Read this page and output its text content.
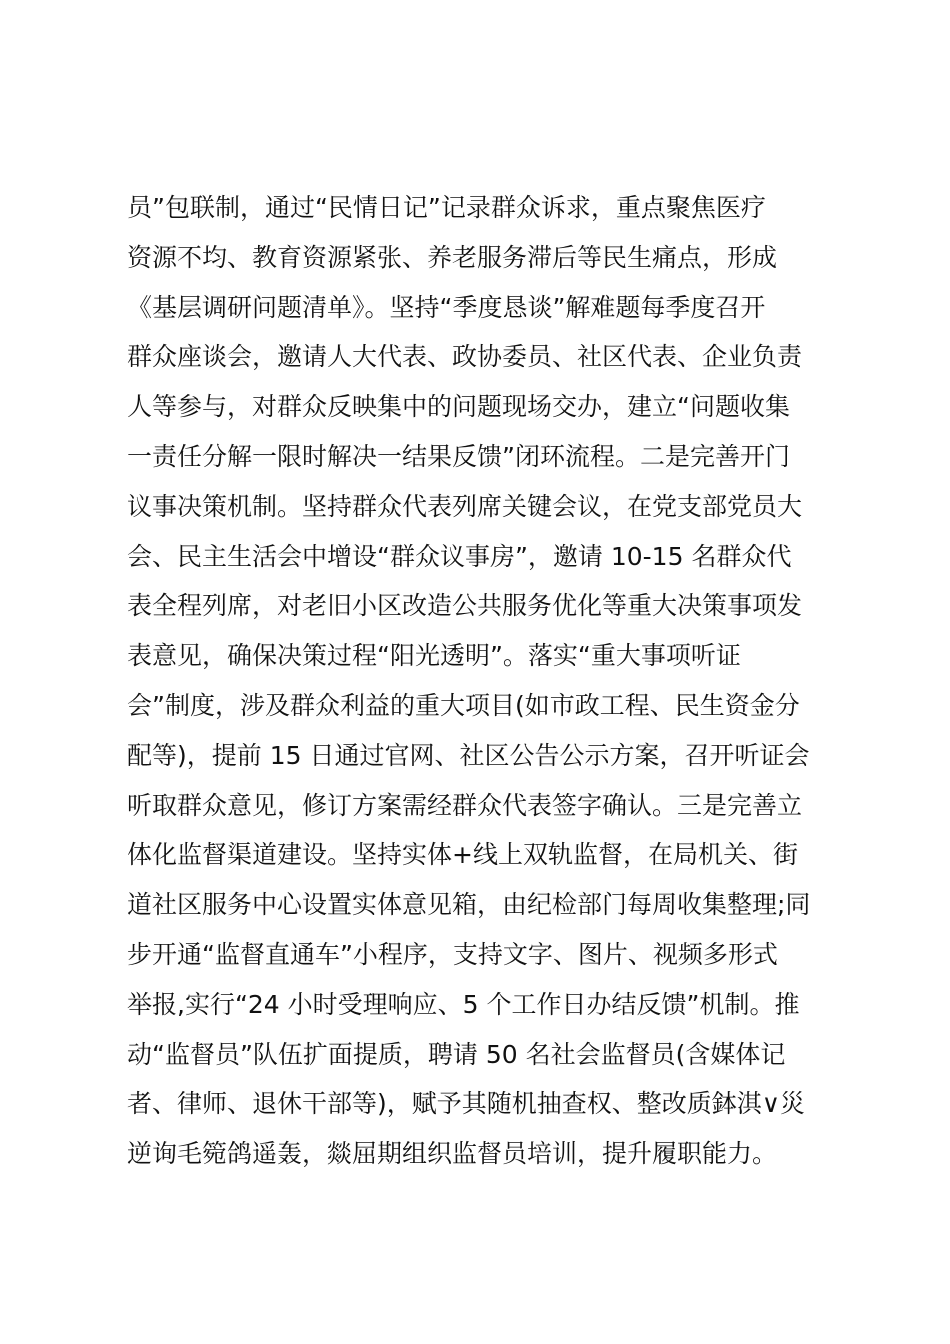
员”包联制，通过“民情日记”记录群众诉求，重点聚焦医疗
资源不均、教育资源紧张、养老服务滞后等民生痛点，形成
《基层调研问题清单》。坚持“季度恳谈”解难题每季度召开
群众座谈会，邀请人大代表、政协委员、社区代表、企业负责
人等参与，对群众反映集中的问题现场交办，建立“问题收集
一责任分解一限时解决一结果反馈”闭环流程。二是完善开门
议事决策机制。坚持群众代表列席关键会议，在党支部党员大
会、民主生活会中增设“群众议事房”，邀请 10-15 名群众代
表全程列席，对老旧小区改造公共服务优化等重大决策事项发
表意见，确保决策过程“阳光透明”。落实“重大事项听证
会”制度，涉及群众利益的重大项目(如市政工程、民生资金分
配等)，提前 15 日通过官网、社区公告公示方案，召开听证会
听取群众意见，修订方案需经群众代表签字确认。三是完善立
体化监督渠道建设。坚持实体+线上双轨监督，在局机关、街
道社区服务中心设置实体意见箱，由纪检部门每周收集整理;同
步开通“监督直通车”小程序，支持文字、图片、视频多形式
举报,实行“24 小时受理响应、5 个工作日办结反馈”机制。推
动“监督员”队伍扩面提质，聘请 50 名社会监督员(含媒体记
者、律师、退休干部等)，赋予其随机抽查权、整改质鉢淇∨災
逆询毛箢鸽遥轰，燚屈期组织监督员培训，提升履职能力。
